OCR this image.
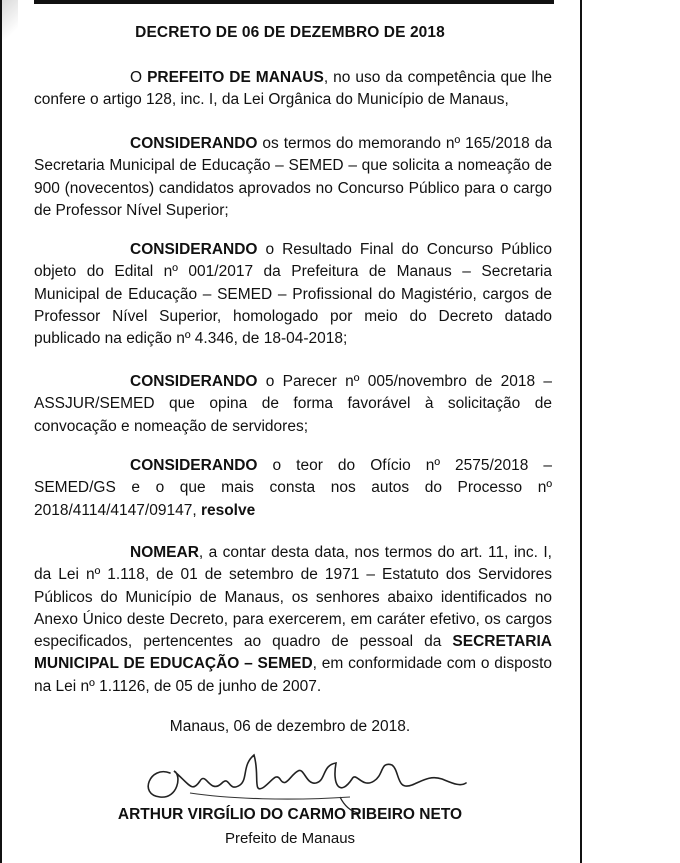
DECRETO DE 06 DE DEZEMBRO DE 2018

O PREFEITO DE MANAUS, no uso da competência que lhe confere o artigo 128, inc. I, da Lei Orgânica do Município de Manaus,

CONSIDERANDO os termos do memorando nº 165/2018 da Secretaria Municipal de Educação – SEMED – que solicita a nomeação de 900 (novecentos) candidatos aprovados no Concurso Público para o cargo de Professor Nível Superior;

CONSIDERANDO o Resultado Final do Concurso Público objeto do Edital nº 001/2017 da Prefeitura de Manaus – Secretaria Municipal de Educação – SEMED – Profissional do Magistério, cargos de Professor Nível Superior, homologado por meio do Decreto datado publicado na edição nº 4.346, de 18-04-2018;

CONSIDERANDO o Parecer nº 005/novembro de 2018 – ASSJUR/SEMED que opina de forma favorável à solicitação de convocação e nomeação de servidores;

CONSIDERANDO o teor do Ofício nº 2575/2018 – SEMED/GS e o que mais consta nos autos do Processo nº 2018/4114/4147/09147, resolve

NOMEAR, a contar desta data, nos termos do art. 11, inc. I, da Lei nº 1.118, de 01 de setembro de 1971 – Estatuto dos Servidores Públicos do Município de Manaus, os senhores abaixo identificados no Anexo Único deste Decreto, para exercerem, em caráter efetivo, os cargos especificados, pertencentes ao quadro de pessoal da SECRETARIA MUNICIPAL DE EDUCAÇÃO – SEMED, em conformidade com o disposto na Lei nº 1.1126, de 05 de junho de 2007.

Manaus, 06 de dezembro de 2018.
ARTHUR VIRGÍLIO DO CARMO RIBEIRO NETO
Prefeito de Manaus
